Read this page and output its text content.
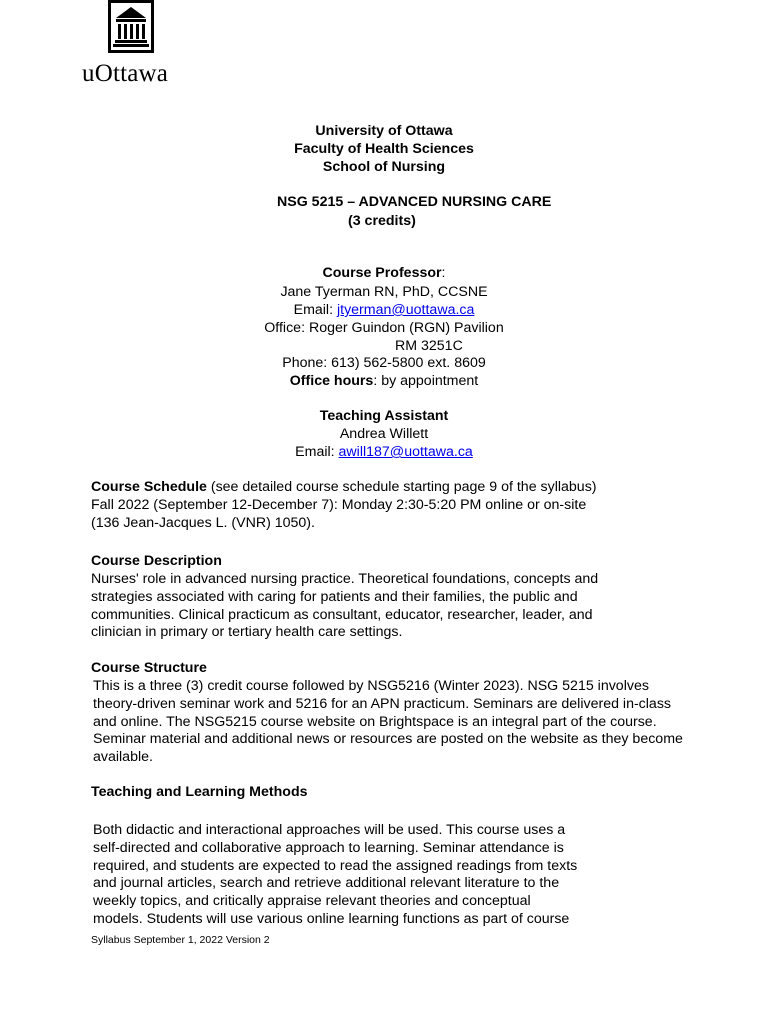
uOttawa
University of Ottawa
Faculty of Health Sciences
School of Nursing
NSG 5215 – ADVANCED NURSING CARE
(3 credits)
Course Professor:
Jane Tyerman RN, PhD, CCSNE
Email: jtyerman@uottawa.ca
Office: Roger Guindon (RGN) Pavilion
RM 3251C
Phone: 613) 562-5800 ext. 8609
Office hours: by appointment
Teaching Assistant
Andrea Willett
Email: awill187@uottawa.ca
Course Schedule (see detailed course schedule starting page 9 of the syllabus)
Fall 2022 (September 12-December 7): Monday 2:30-5:20 PM online or on-site
(136 Jean-Jacques L. (VNR) 1050).
Course Description
Nurses' role in advanced nursing practice. Theoretical foundations, concepts and
strategies associated with caring for patients and their families, the public and
communities. Clinical practicum as consultant, educator, researcher, leader, and
clinician in primary or tertiary health care settings.
Course Structure
This is a three (3) credit course followed by NSG5216 (Winter 2023). NSG 5215 involves
theory-driven seminar work and 5216 for an APN practicum. Seminars are delivered in-class
and online. The NSG5215 course website on Brightspace is an integral part of the course.
Seminar material and additional news or resources are posted on the website as they become
available.
Teaching and Learning Methods
Both didactic and interactional approaches will be used. This course uses a
self-directed and collaborative approach to learning. Seminar attendance is
required, and students are expected to read the assigned readings from texts
and journal articles, search and retrieve additional relevant literature to the
weekly topics, and critically appraise relevant theories and conceptual
models. Students will use various online learning functions as part of course
Syllabus September 1, 2022 Version 2
